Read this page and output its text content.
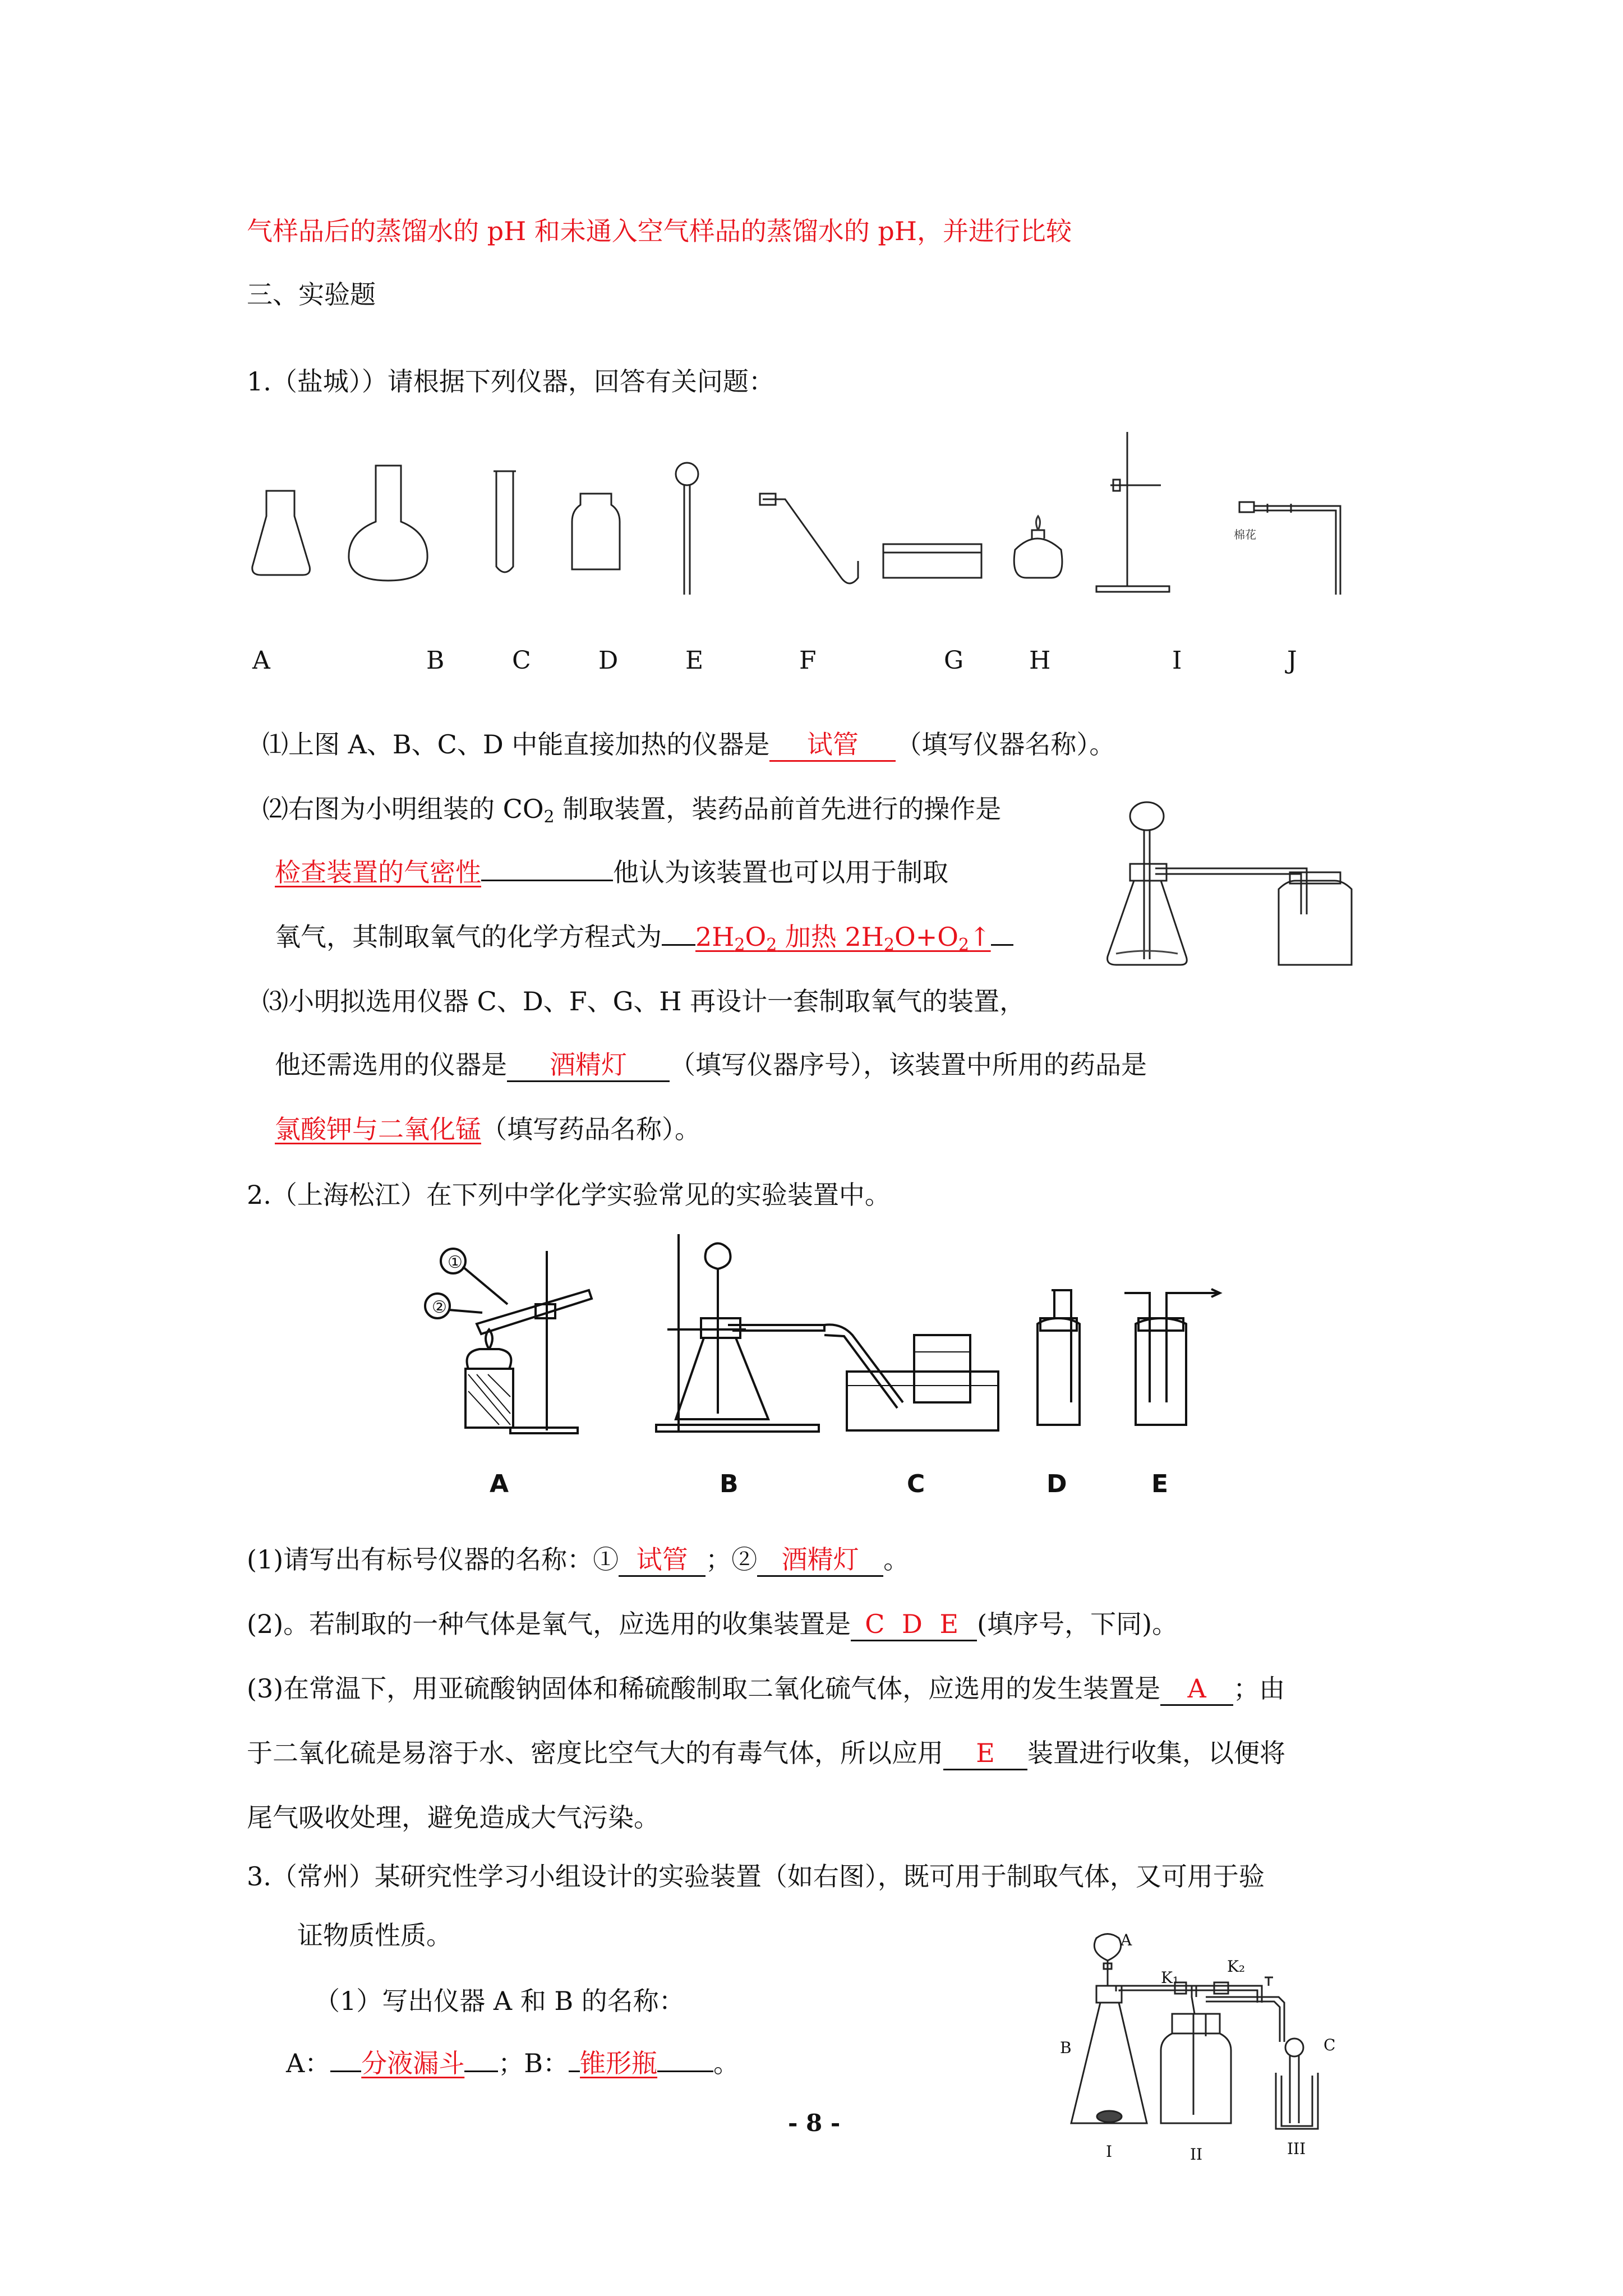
气样品后的蒸馏水的 pH 和未通入空气样品的蒸馏水的 pH，并进行比较
三、实验题
1.（盐城））请根据下列仪器，回答有关问题：
棉花
A	B	C	D	E	F	G	H	I	J
⑴上图 A、B、C、D 中能直接加热的仪器是 试管 （填写仪器名称）。
⑵右图为小明组装的 $CO_2$ 制取装置，装药品前首先进行的操作是
检查装置的气密性	他认为该装置也可以用于制取
氧气，其制取氧气的化学方程式为 $2H_2O_2$ 加热 $2H_2O+O_2↑$
⑶小明拟选用仪器 C、D、F、G、H 再设计一套制取氧气的装置，
他还需选用的仪器是 酒精灯 （填写仪器序号），该装置中所用的药品是
氯酸钾与二氧化锰（填写药品名称）。
2.（上海松江）在下列中学化学实验常见的实验装置中。
①
②
A	B	C	D	E
(1)请写出有标号仪器的名称：① 试管 ；② 酒精灯 。
(2)。若制取的一种气体是氧气，应选用的收集装置是 C D E (填序号，下同)。
(3)在常温下，用亚硫酸钠固体和稀硫酸制取二氧化硫气体，应选用的发生装置是 A ；由
于二氧化硫是易溶于水、密度比空气大的有毒气体，所以应用 E 装置进行收集，以便将
尾气吸收处理，避免造成大气污染。
3.（常州）某研究性学习小组设计的实验装置（如右图），既可用于制取气体，又可用于验
证物质性质。
（1）写出仪器 A 和 B 的名称：
A： 分液漏斗 ；B： 锥形瓶 。
A
B	C
K₁
K₂
I	II	III
- 8 -
